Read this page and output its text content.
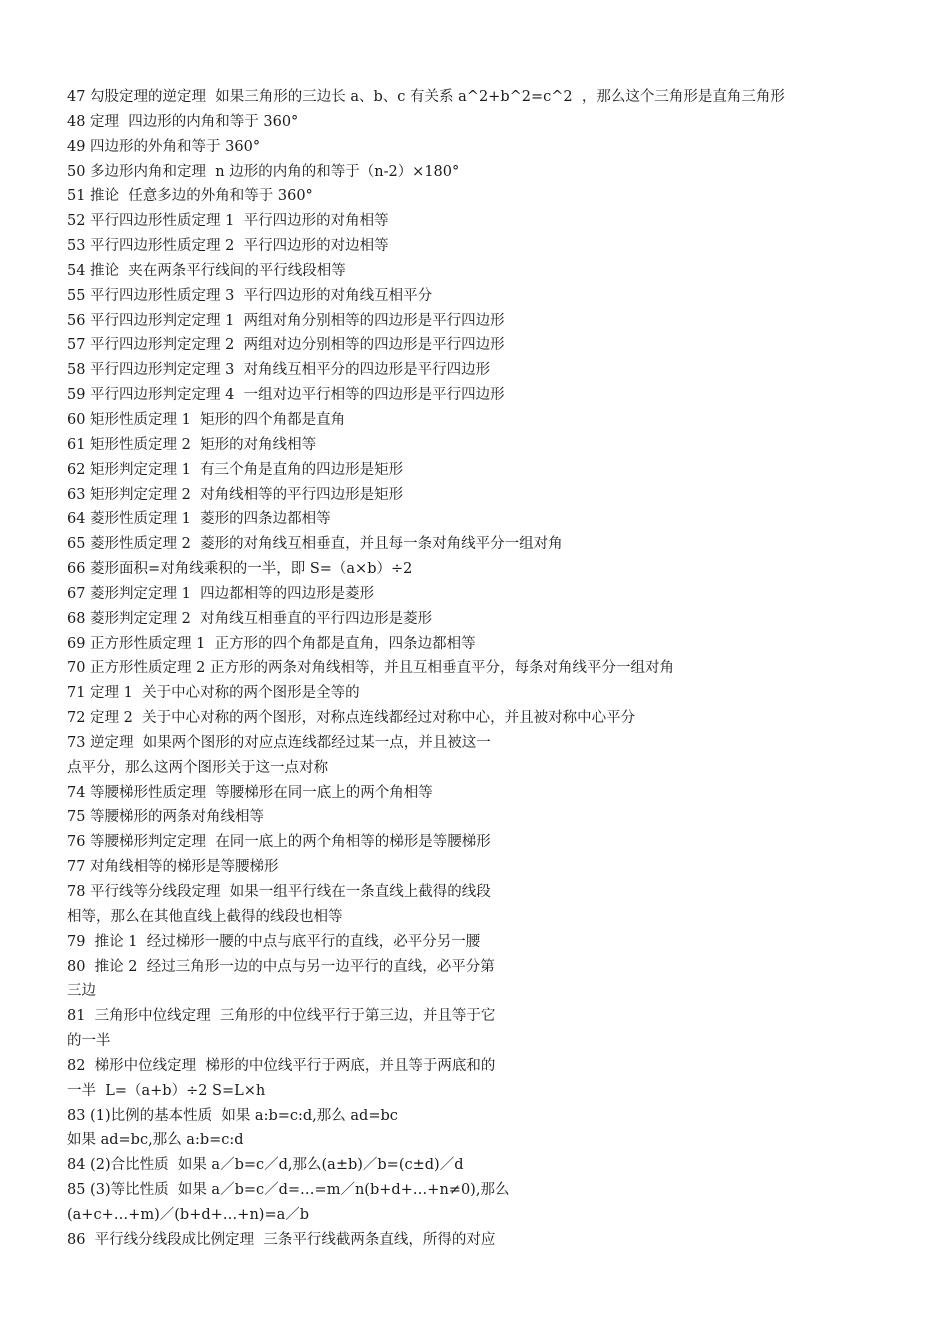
47 勾股定理的逆定理  如果三角形的三边长 a、b、c 有关系 a^2+b^2=c^2  ，那么这个三角形是直角三角形
48 定理  四边形的内角和等于 360°
49 四边形的外角和等于 360°
50 多边形内角和定理  n 边形的内角的和等于（n-2）×180°
51 推论  任意多边的外角和等于 360°
52 平行四边形性质定理 1  平行四边形的对角相等
53 平行四边形性质定理 2  平行四边形的对边相等
54 推论  夹在两条平行线间的平行线段相等
55 平行四边形性质定理 3  平行四边形的对角线互相平分
56 平行四边形判定定理 1  两组对角分别相等的四边形是平行四边形
57 平行四边形判定定理 2  两组对边分别相等的四边形是平行四边形
58 平行四边形判定定理 3  对角线互相平分的四边形是平行四边形
59 平行四边形判定定理 4  一组对边平行相等的四边形是平行四边形
60 矩形性质定理 1  矩形的四个角都是直角
61 矩形性质定理 2  矩形的对角线相等
62 矩形判定定理 1  有三个角是直角的四边形是矩形
63 矩形判定定理 2  对角线相等的平行四边形是矩形
64 菱形性质定理 1  菱形的四条边都相等
65 菱形性质定理 2  菱形的对角线互相垂直，并且每一条对角线平分一组对角
66 菱形面积=对角线乘积的一半，即 S=（a×b）÷2
67 菱形判定定理 1  四边都相等的四边形是菱形
68 菱形判定定理 2  对角线互相垂直的平行四边形是菱形
69 正方形性质定理 1  正方形的四个角都是直角，四条边都相等
70 正方形性质定理 2 正方形的两条对角线相等，并且互相垂直平分，每条对角线平分一组对角
71 定理 1  关于中心对称的两个图形是全等的
72 定理 2  关于中心对称的两个图形，对称点连线都经过对称中心，并且被对称中心平分
73 逆定理  如果两个图形的对应点连线都经过某一点，并且被这一
点平分，那么这两个图形关于这一点对称
74 等腰梯形性质定理  等腰梯形在同一底上的两个角相等
75 等腰梯形的两条对角线相等
76 等腰梯形判定定理  在同一底上的两个角相等的梯形是等腰梯形
77 对角线相等的梯形是等腰梯形
78 平行线等分线段定理  如果一组平行线在一条直线上截得的线段
相等，那么在其他直线上截得的线段也相等
79  推论 1  经过梯形一腰的中点与底平行的直线，必平分另一腰
80  推论 2  经过三角形一边的中点与另一边平行的直线，必平分第
三边
81  三角形中位线定理  三角形的中位线平行于第三边，并且等于它
的一半
82  梯形中位线定理  梯形的中位线平行于两底，并且等于两底和的
一半  L=（a+b）÷2 S=L×h
83 (1)比例的基本性质  如果 a:b=c:d,那么 ad=bc
如果 ad=bc,那么 a:b=c:d
84 (2)合比性质  如果 a／b=c／d,那么(a±b)／b=(c±d)／d
85 (3)等比性质  如果 a／b=c／d=…=m／n(b+d+…+n≠0),那么
(a+c+…+m)／(b+d+…+n)=a／b
86  平行线分线段成比例定理  三条平行线截两条直线，所得的对应
